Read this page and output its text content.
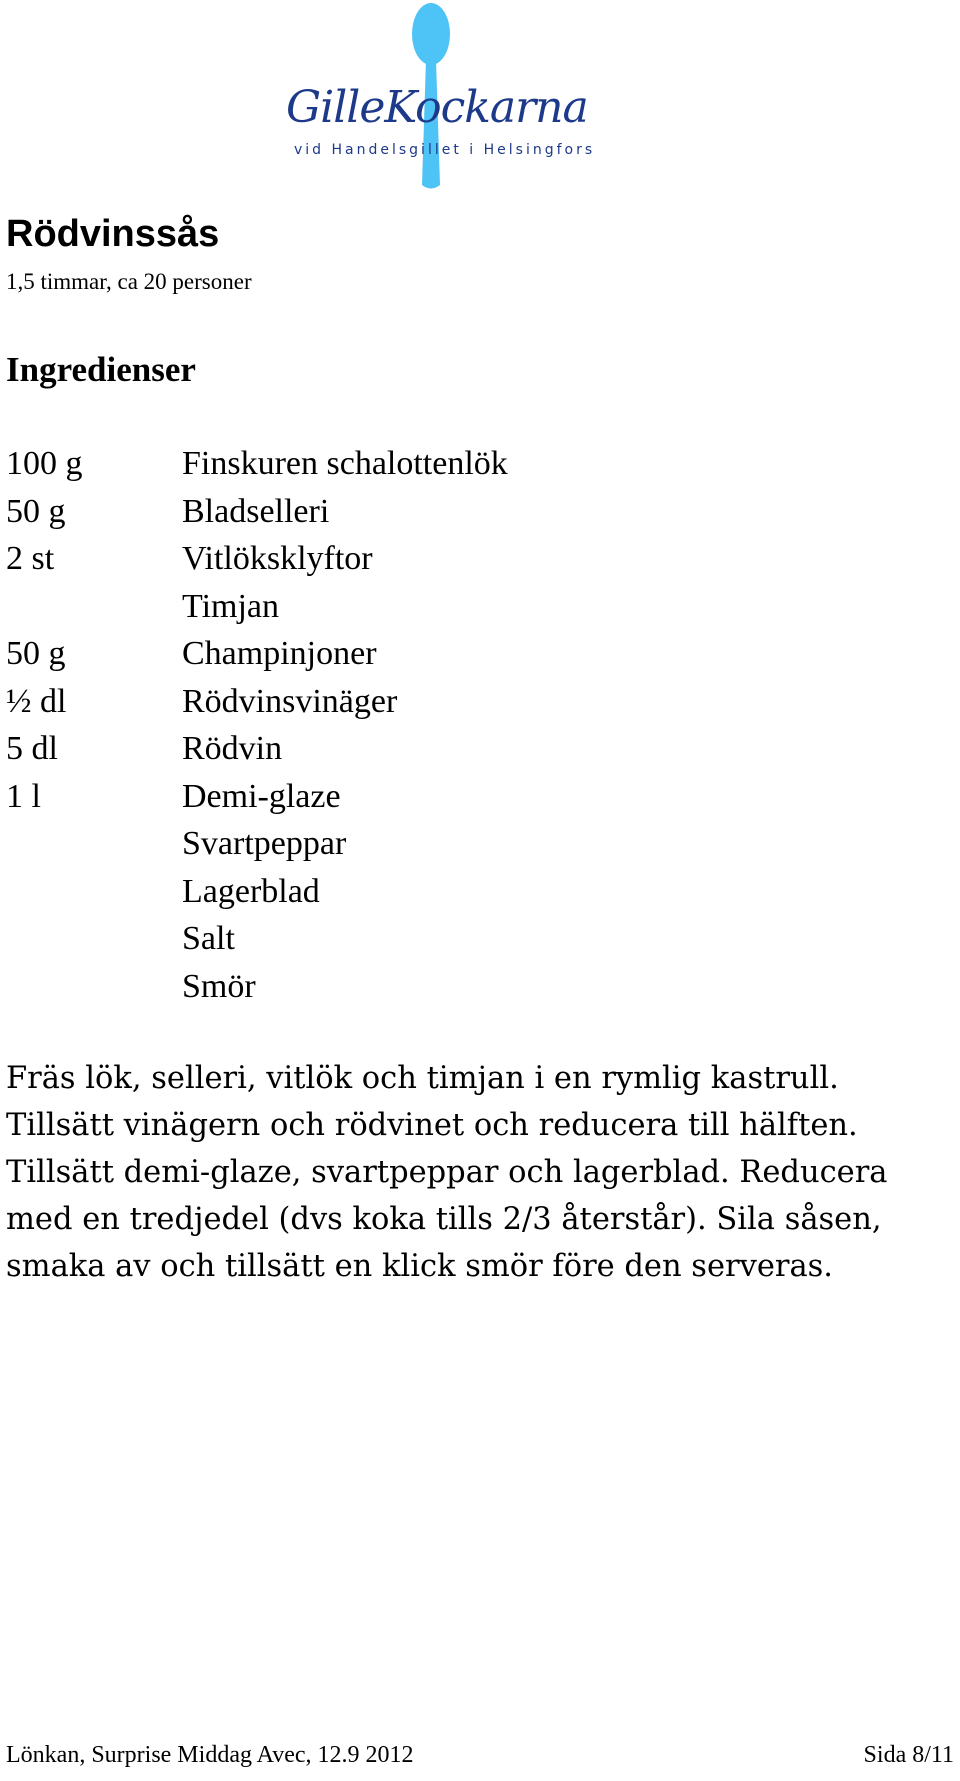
GilleKockarna
vid Handelsgillet i Helsingfors
Rödvinssås
1,5 timmar, ca 20 personer
Ingredienser
100 g	Finskuren schalottenlök
50 g	Bladselleri
2 st	Vitlöksklyftor
Timjan
50 g	Champinjoner
½ dl	Rödvinsvinäger
5 dl	Rödvin
1 l	Demi-glaze
Svartpeppar
Lagerblad
Salt
Smör
Fräs lök, selleri, vitlök och timjan i en rymlig kastrull.
Tillsätt vinägern och rödvinet och reducera till hälften.
Tillsätt demi-glaze, svartpeppar och lagerblad. Reducera
med en tredjedel (dvs koka tills 2/3 återstår). Sila såsen,
smaka av och tillsätt en klick smör före den serveras.
Lönkan, Surprise Middag Avec, 12.9 2012	Sida 8/11
